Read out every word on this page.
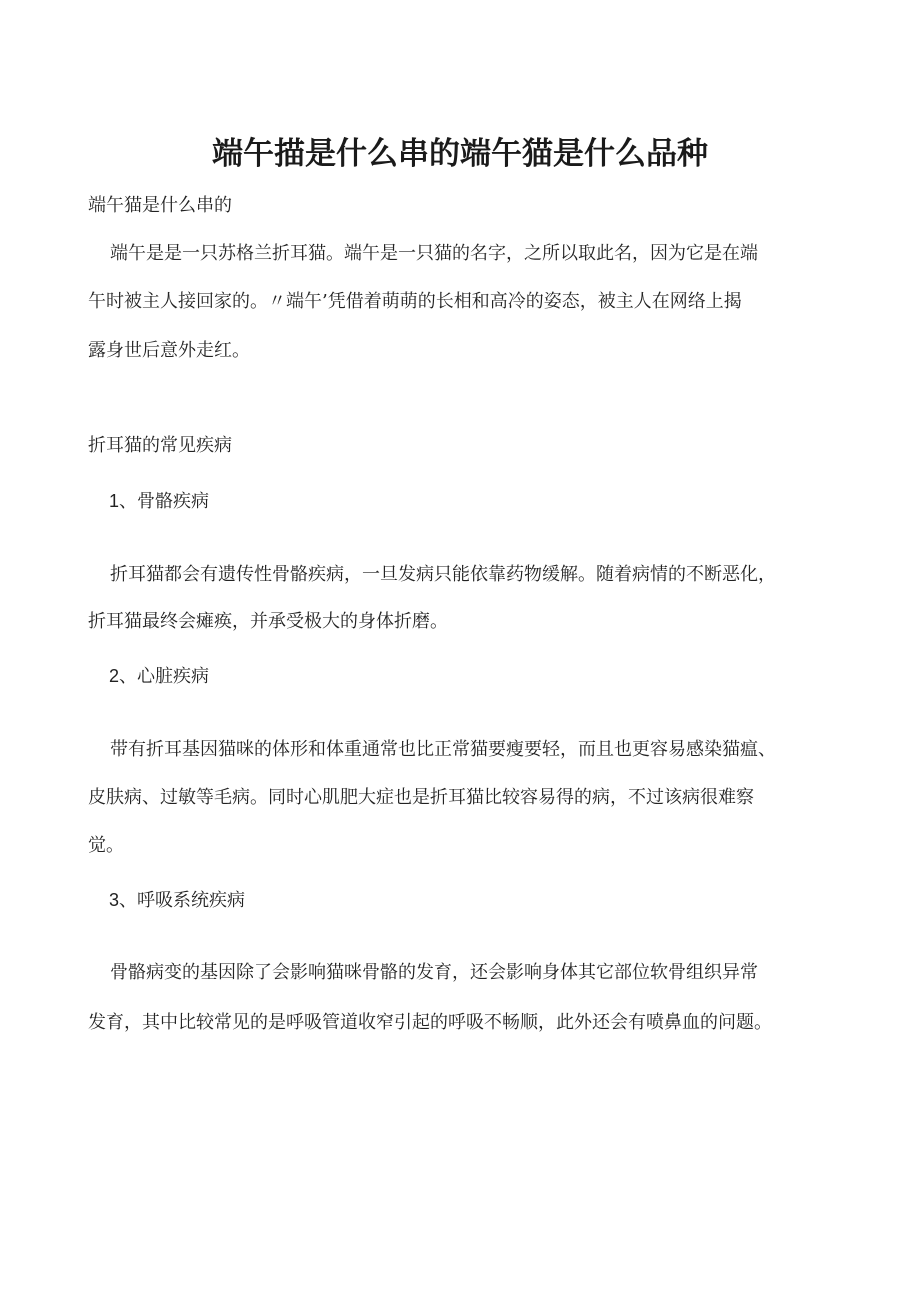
端午描是什么串的端午猫是什么品种

端午猫是什么串的

端午是是一只苏格兰折耳猫。端午是一只猫的名字，之所以取此名，因为它是在端

午时被主人接回家的。〃端午’凭借着萌萌的长相和高冷的姿态，被主人在网络上揭

露身世后意外走红。

折耳猫的常见疾病

1、骨骼疾病

折耳猫都会有遗传性骨骼疾病，一旦发病只能依靠药物缓解。随着病情的不断恶化，

折耳猫最终会瘫痪，并承受极大的身体折磨。

2、心脏疾病

带有折耳基因猫咪的体形和体重通常也比正常猫要瘦要轻，而且也更容易感染猫瘟、

皮肤病、过敏等毛病。同时心肌肥大症也是折耳猫比较容易得的病，不过该病很难察

觉。

3、呼吸系统疾病

骨骼病变的基因除了会影响猫咪骨骼的发育，还会影响身体其它部位软骨组织异常

发育，其中比较常见的是呼吸管道收窄引起的呼吸不畅顺，此外还会有喷鼻血的问题。
